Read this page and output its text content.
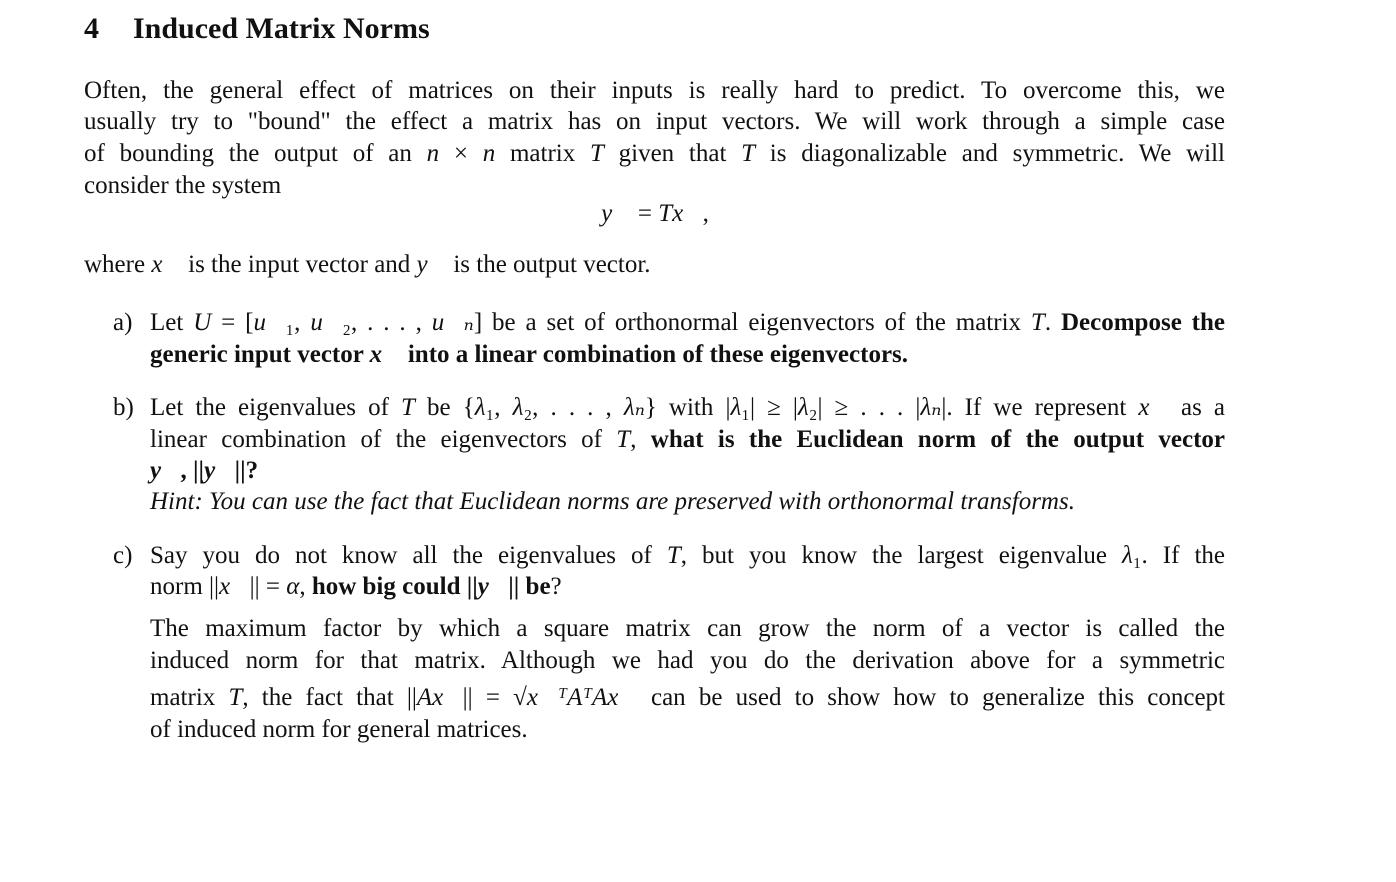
4 Induced Matrix Norms
Often, the general effect of matrices on their inputs is really hard to predict. To overcome this, we
usually try to "bound" the effect a matrix has on input vectors. We will work through a simple case
of bounding the output of an n × n matrix T given that T is diagonalizable and symmetric. We will
consider the system
y⃗ = Tx⃗,
where x⃗ is the input vector and y⃗ is the output vector.
a) Let U = [u⃗₁, u⃗₂, . . . , u⃗ₙ] be a set of orthonormal eigenvectors of the matrix T. Decompose the
generic input vector x⃗ into a linear combination of these eigenvectors.
b) Let the eigenvalues of T be {λ₁, λ₂, . . . , λₙ} with |λ₁| ≥ |λ₂| ≥ . . . |λₙ|. If we represent x⃗ as a
linear combination of the eigenvectors of T, what is the Euclidean norm of the output vector
y⃗, ||y⃗||?
Hint: You can use the fact that Euclidean norms are preserved with orthonormal transforms.
c) Say you do not know all the eigenvalues of T, but you know the largest eigenvalue λ₁. If the
norm ||x⃗|| = α, how big could ||y⃗|| be?
The maximum factor by which a square matrix can grow the norm of a vector is called the
induced norm for that matrix. Although we had you do the derivation above for a symmetric
matrix T, the fact that ||Ax⃗|| = √x⃗ᵀAᵀAx⃗ can be used to show how to generalize this concept
of induced norm for general matrices.
